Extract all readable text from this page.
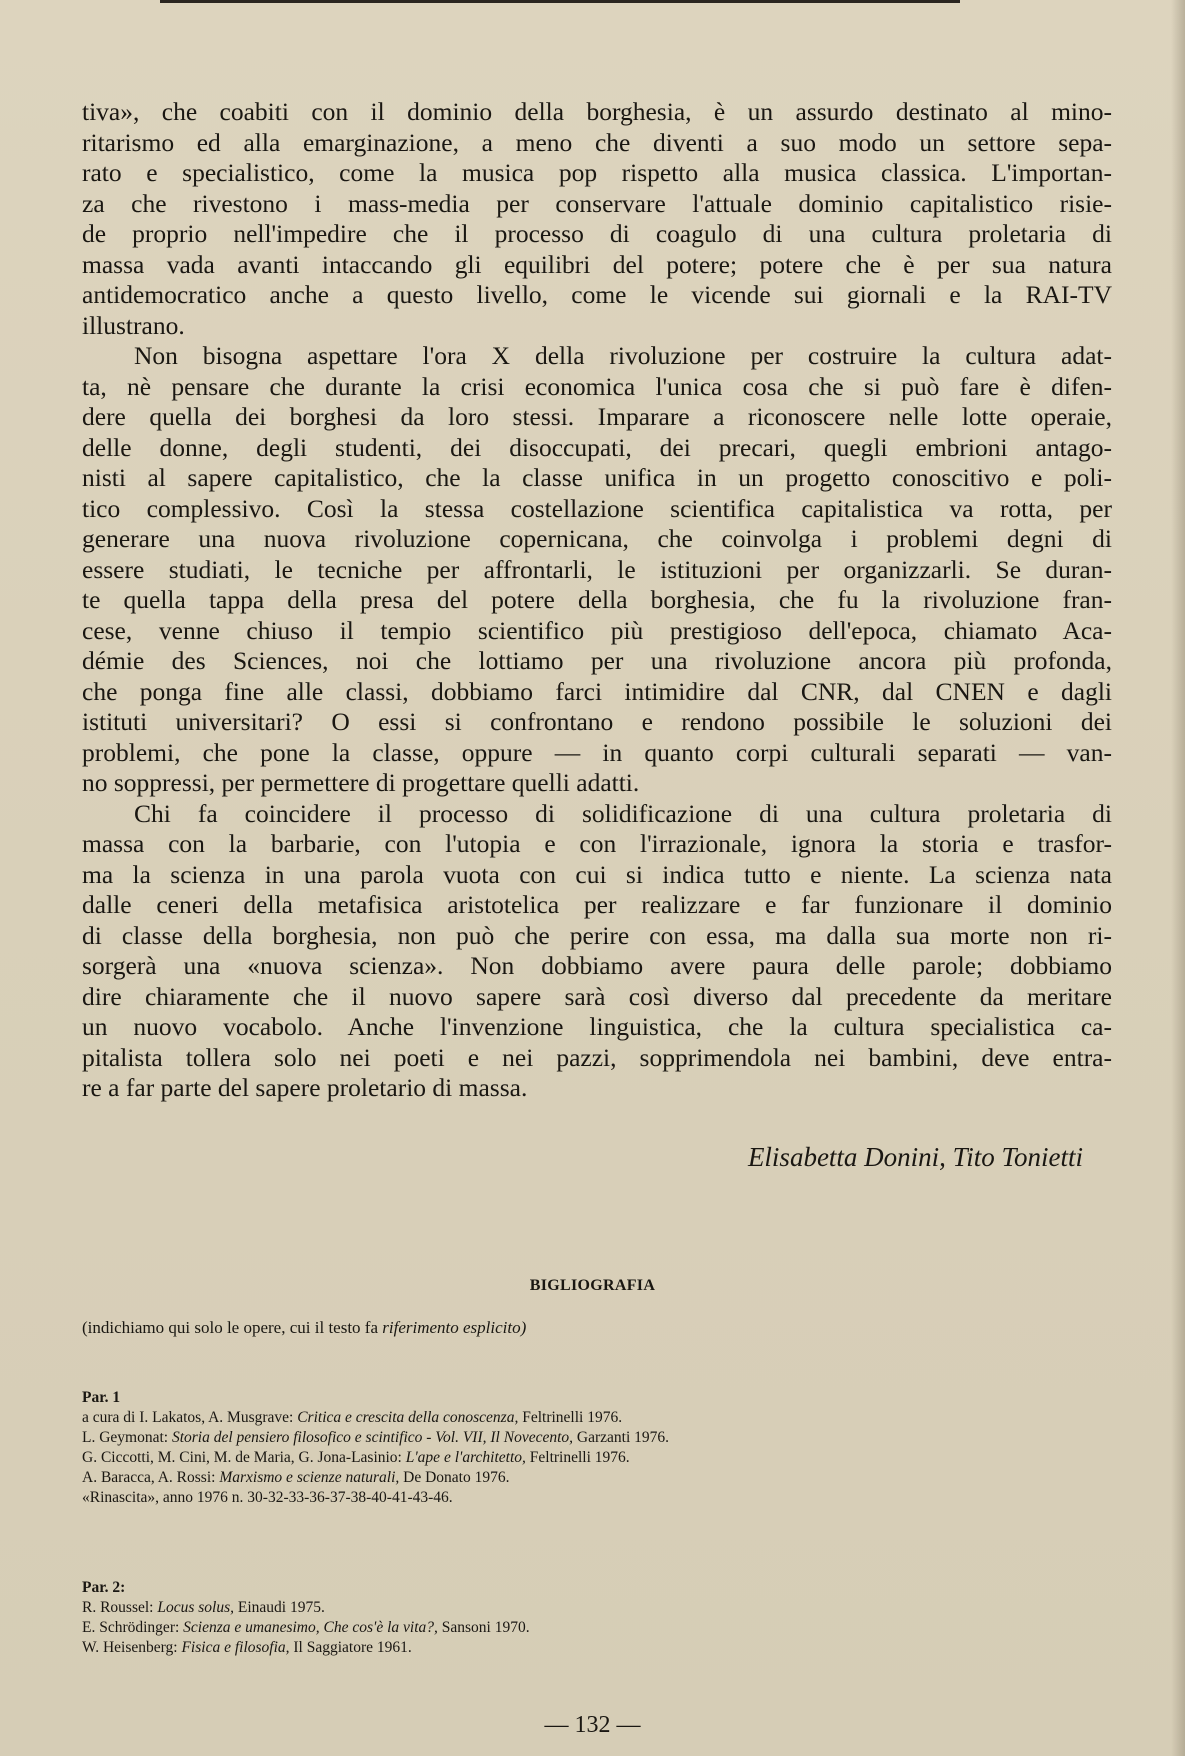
tiva», che coabiti con il dominio della borghesia, è un assurdo destinato al mino-
ritarismo ed alla emarginazione, a meno che diventi a suo modo un settore sepa-
rato e specialistico, come la musica pop rispetto alla musica classica. L'importan-
za che rivestono i mass-media per conservare l'attuale dominio capitalistico risie-
de proprio nell'impedire che il processo di coagulo di una cultura proletaria di
massa vada avanti intaccando gli equilibri del potere; potere che è per sua natura
antidemocratico anche a questo livello, come le vicende sui giornali e la RAI-TV
illustrano.
Non bisogna aspettare l'ora X della rivoluzione per costruire la cultura adat-
ta, nè pensare che durante la crisi economica l'unica cosa che si può fare è difen-
dere quella dei borghesi da loro stessi. Imparare a riconoscere nelle lotte operaie,
delle donne, degli studenti, dei disoccupati, dei precari, quegli embrioni antago-
nisti al sapere capitalistico, che la classe unifica in un progetto conoscitivo e poli-
tico complessivo. Così la stessa costellazione scientifica capitalistica va rotta, per
generare una nuova rivoluzione copernicana, che coinvolga i problemi degni di
essere studiati, le tecniche per affrontarli, le istituzioni per organizzarli. Se duran-
te quella tappa della presa del potere della borghesia, che fu la rivoluzione fran-
cese, venne chiuso il tempio scientifico più prestigioso dell'epoca, chiamato Aca-
démie des Sciences, noi che lottiamo per una rivoluzione ancora più profonda,
che ponga fine alle classi, dobbiamo farci intimidire dal CNR, dal CNEN e dagli
istituti universitari? O essi si confrontano e rendono possibile le soluzioni dei
problemi, che pone la classe, oppure — in quanto corpi culturali separati — van-
no soppressi, per permettere di progettare quelli adatti.
Chi fa coincidere il processo di solidificazione di una cultura proletaria di
massa con la barbarie, con l'utopia e con l'irrazionale, ignora la storia e trasfor-
ma la scienza in una parola vuota con cui si indica tutto e niente. La scienza nata
dalle ceneri della metafisica aristotelica per realizzare e far funzionare il dominio
di classe della borghesia, non può che perire con essa, ma dalla sua morte non ri-
sorgerà una «nuova scienza». Non dobbiamo avere paura delle parole; dobbiamo
dire chiaramente che il nuovo sapere sarà così diverso dal precedente da meritare
un nuovo vocabolo. Anche l'invenzione linguistica, che la cultura specialistica ca-
pitalista tollera solo nei poeti e nei pazzi, sopprimendola nei bambini, deve entra-
re a far parte del sapere proletario di massa.
Elisabetta Donini, Tito Tonietti
BIGLIOGRAFIA
(indichiamo qui solo le opere, cui il testo fa riferimento esplicito)
Par. 1
a cura di I. Lakatos, A. Musgrave: Critica e crescita della conoscenza, Feltrinelli 1976.
L. Geymonat: Storia del pensiero filosofico e scintifico - Vol. VII, Il Novecento, Garzanti 1976.
G. Ciccotti, M. Cini, M. de Maria, G. Jona-Lasinio: L'ape e l'architetto, Feltrinelli 1976.
A. Baracca, A. Rossi: Marxismo e scienze naturali, De Donato 1976.
«Rinascita», anno 1976 n. 30-32-33-36-37-38-40-41-43-46.
Par. 2:
R. Roussel: Locus solus, Einaudi 1975.
E. Schrödinger: Scienza e umanesimo, Che cos'è la vita?, Sansoni 1970.
W. Heisenberg: Fisica e filosofia, Il Saggiatore 1961.
— 132 —
